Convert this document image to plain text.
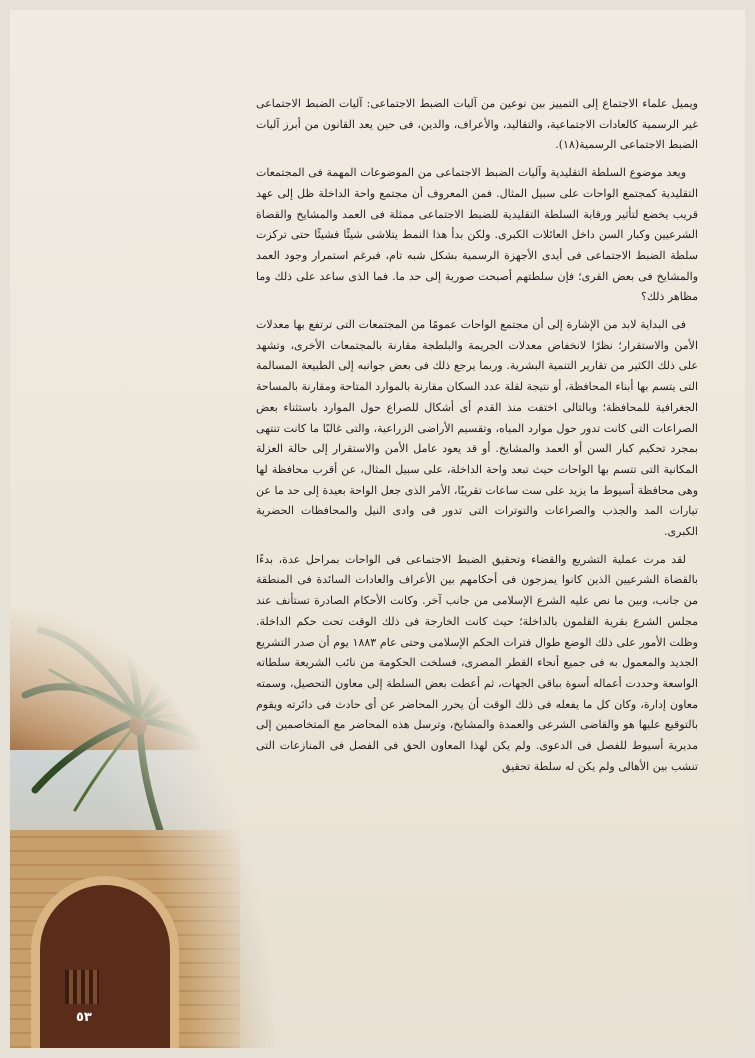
٥٣

ويميل علماء الاجتماع إلى التمييز بين نوعين من آليات الضبط الاجتماعى: آليات الضبط الاجتماعى غير الرسمية كالعادات الاجتماعية، والتقاليد، والأعراف، والدين، فى حين يعد القانون من أبرز آليات الضبط الاجتماعى الرسمية(١٨).

ويعد موضوع السلطة التقليدية وآليات الضبط الاجتماعى من الموضوعات المهمة فى المجتمعات التقليدية كمجتمع الواحات على سبيل المثال. فمن المعروف أن مجتمع واحة الداخلة ظل إلى عهد قريب يخضع لتأثير ورقابة السلطة التقليدية للضبط الاجتماعى ممثلة فى العمد والمشايخ والقضاة الشرعيين وكبار السن داخل العائلات الكبرى. ولكن بدأ هذا النمط يتلاشى شيئًا فشيئًا حتى تركزت سلطة الضبط الاجتماعى فى أيدى الأجهزة الرسمية بشكل شبه تام، فبرغم استمرار وجود العمد والمشايخ فى بعض القرى؛ فإن سلطتهم أصبحت صورية إلى حد ما. فما الذى ساعد على ذلك وما مظاهر ذلك؟

فى البداية لابد من الإشارة إلى أن مجتمع الواحات عمومًا من المجتمعات التى ترتفع بها معدلات الأمن والاستقرار؛ نظرًا لانخفاض معدلات الجريمة والبلطجة مقارنة بالمجتمعات الأخرى، وتشهد على ذلك الكثير من تقارير التنمية البشرية. وربما يرجع ذلك فى بعض جوانبه إلى الطبيعة المسالمة التى يتسم بها أبناء المحافظة، أو نتيجة لقلة عدد السكان مقارنة بالموارد المتاحة ومقارنة بالمساحة الجغرافية للمحافظة؛ وبالتالى اختفت منذ القدم أى أشكال للصراع حول الموارد باستثناء بعض الصراعات التى كانت تدور حول موارد المياه، وتقسيم الأراضى الزراعية، والتى غالبًا ما كانت تنتهى بمجرد تحكيم كبار السن أو العمد والمشايخ. أو قد يعود عامل الأمن والاستقرار إلى حالة العزلة المكانية التى تتسم بها الواحات حيث تبعد واحة الداخلة، على سبيل المثال، عن أقرب محافظة لها وهى محافظة أسيوط ما يزيد على ست ساعات تقريبًا، الأمر الذى جعل الواحة بعيدة إلى حد ما عن تيارات المد والجذب والصراعات والتوترات التى تدور فى وادى النيل والمحافظات الحضرية الكبرى.

لقد مرت عملية التشريع والقضاء وتحقيق الضبط الاجتماعى فى الواحات بمراحل عدة، بدءًا بالقضاة الشرعيين الذين كانوا يمزجون فى أحكامهم بين الأعراف والعادات السائدة فى المنطقة من جانب، وبين ما نص عليه الشرع الإسلامى من جانب آخر. وكانت الأحكام الصادرة تستأنف عند مجلس الشرع بقرية القلمون بالداخلة؛ حيث كانت الخارجة فى ذلك الوقت تحت حكم الداخلة. وظلت الأمور على ذلك الوضع طوال فترات الحكم الإسلامى وحتى عام ١٨٨٣ يوم أن صدر التشريع الجديد والمعمول به فى جميع أنحاء القطر المصرى، فسلخت الحكومة من نائب الشريعة سلطاته الواسعة وحددت أعماله أسوة بباقى الجهات، ثم أعطت بعض السلطة إلى معاون التحصيل، وسمته معاون إدارة، وكان كل ما يفعله فى ذلك الوقت أن يحرر المحاضر عن أى حادث فى دائرته ويقوم بالتوقيع عليها هو والقاضى الشرعى والعمدة والمشايخ، وترسل هذه المحاضر مع المتخاصمين إلى مديرية أسيوط للفصل فى الدعوى. ولم يكن لهذا المعاون الحق فى الفصل فى المنازعات التى تنشب بين الأهالى ولم يكن له سلطة تحقيق
